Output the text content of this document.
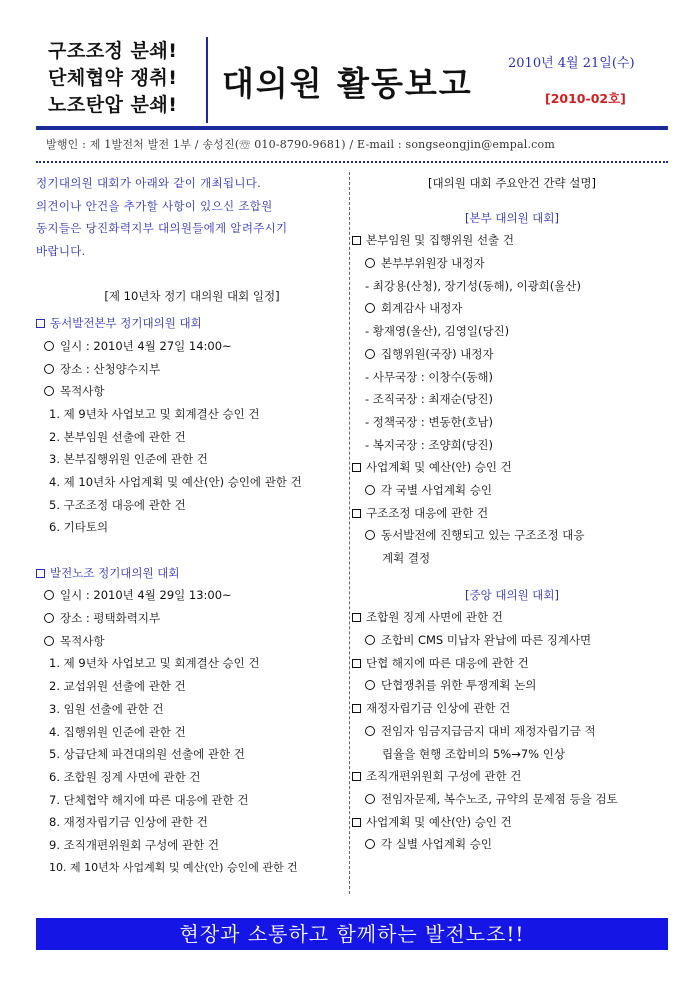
구조조정 분쇄!
단체협약 쟁취!
노조탄압 분쇄!
대의원 활동보고
2010년 4월 21일(수)
[2010-02호]
발행인 : 제 1발전처 발전 1부 / 송성진(☏ 010-8790-9681) / E-mail : songseongjin@empal.com
정기대의원 대회가 아래와 같이 개최됩니다.
의견이나 안건을 추가할 사항이 있으신 조합원
동지들은 당진화력지부 대의원들에게 알려주시기
바랍니다.
[제 10년차 정기 대의원 대회 일정]
동서발전본부 정기대의원 대회
일시 : 2010년 4월 27일 14:00~
장소 : 산청양수지부
목적사항
1. 제 9년차 사업보고 및 회계결산 승인 건
2. 본부임원 선출에 관한 건
3. 본부집행위원 인준에 관한 건
4. 제 10년차 사업계획 및 예산(안) 승인에 관한 건
5. 구조조정 대응에 관한 건
6. 기타토의
발전노조 정기대의원 대회
일시 : 2010년 4월 29일 13:00~
장소 : 평택화력지부
목적사항
1. 제 9년차 사업보고 및 회계결산 승인 건
2. 교섭위원 선출에 관한 건
3. 임원 선출에 관한 건
4. 집행위원 인준에 관한 건
5. 상급단체 파견대의원 선출에 관한 건
6. 조합원 징계 사면에 관한 건
7. 단체협약 해지에 따른 대응에 관한 건
8. 재정자립기금 인상에 관한 건
9. 조직개편위원회 구성에 관한 건
10. 제 10년차 사업계획 및 예산(안) 승인에 관한 건
[대의원 대회 주요안건 간략 설명]
[본부 대의원 대회]
본부임원 및 집행위원 선출 건
본부부위원장 내정자
- 최강용(산청), 장기성(동해), 이광희(울산)
회계감사 내정자
- 황재영(울산), 김영일(당진)
집행위원(국장) 내정자
- 사무국장 : 이창수(동해)
- 조직국장 : 최재순(당진)
- 정책국장 : 변동한(호남)
- 복지국장 : 조양희(당진)
사업계획 및 예산(안) 승인 건
각 국별 사업계획 승인
구조조정 대응에 관한 건
동서발전에 진행되고 있는 구조조정 대응
계획 결정
[중앙 대의원 대회]
조합원 징계 사면에 관한 건
조합비 CMS 미납자 완납에 따른 징계사면
단협 해지에 따른 대응에 관한 건
단협쟁취를 위한 투쟁계획 논의
재정자립기금 인상에 관한 건
전임자 임금지급금지 대비 재정자립기금 적
립율을 현행 조합비의 5%→7% 인상
조직개편위원회 구성에 관한 건
전임자문제, 복수노조, 규약의 문제점 등을 검토
사업계획 및 예산(안) 승인 건
각 실별 사업계획 승인
현장과 소통하고 함께하는 발전노조!!
